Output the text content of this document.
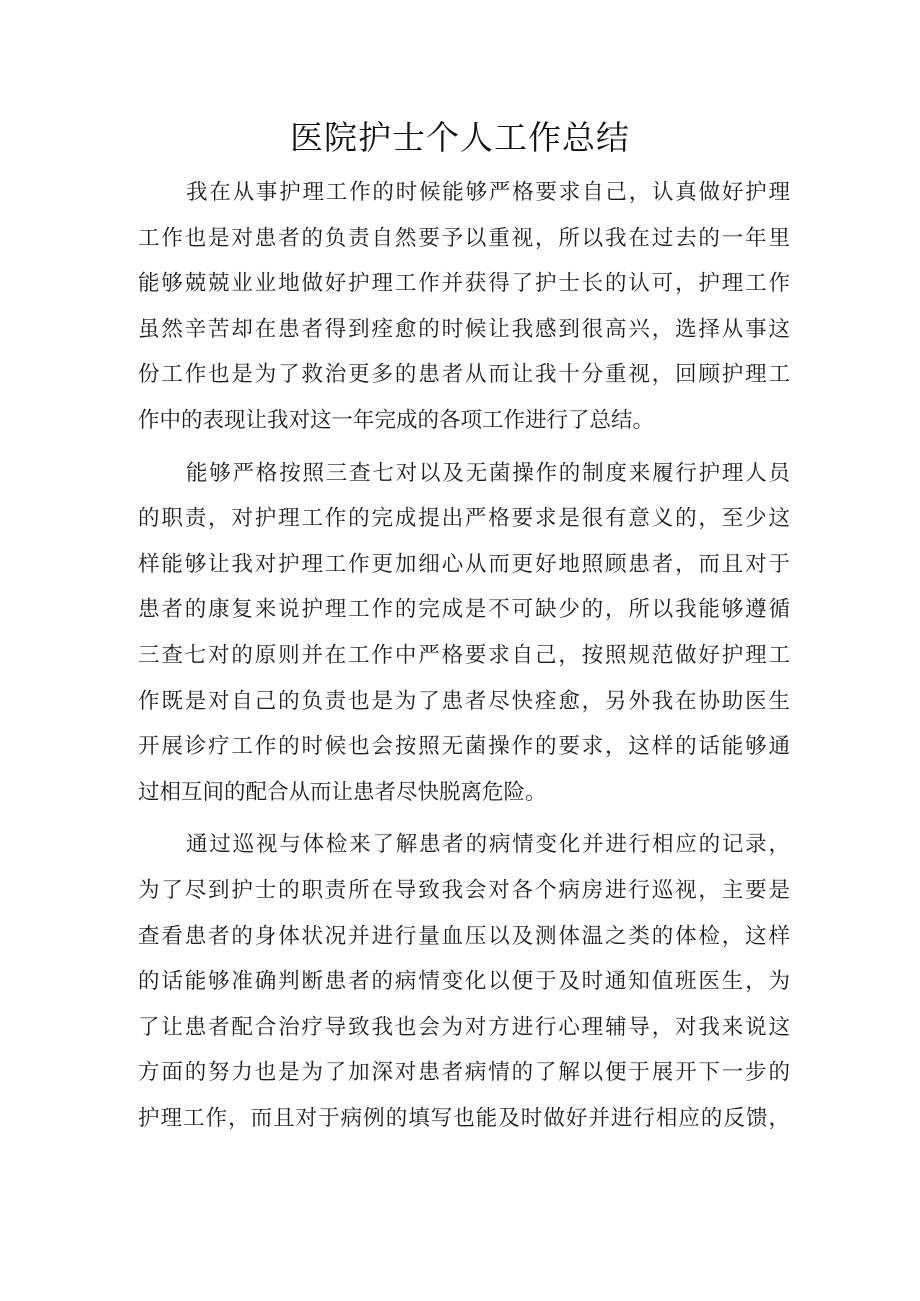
医院护士个人工作总结
我在从事护理工作的时候能够严格要求自己，认真做好护理
工作也是对患者的负责自然要予以重视，所以我在过去的一年里
能够兢兢业业地做好护理工作并获得了护士长的认可，护理工作
虽然辛苦却在患者得到痊愈的时候让我感到很高兴，选择从事这
份工作也是为了救治更多的患者从而让我十分重视，回顾护理工
作中的表现让我对这一年完成的各项工作进行了总结。
能够严格按照三查七对以及无菌操作的制度来履行护理人员
的职责，对护理工作的完成提出严格要求是很有意义的，至少这
样能够让我对护理工作更加细心从而更好地照顾患者，而且对于
患者的康复来说护理工作的完成是不可缺少的，所以我能够遵循
三查七对的原则并在工作中严格要求自己，按照规范做好护理工
作既是对自己的负责也是为了患者尽快痊愈，另外我在协助医生
开展诊疗工作的时候也会按照无菌操作的要求，这样的话能够通
过相互间的配合从而让患者尽快脱离危险。
通过巡视与体检来了解患者的病情变化并进行相应的记录，
为了尽到护士的职责所在导致我会对各个病房进行巡视，主要是
查看患者的身体状况并进行量血压以及测体温之类的体检，这样
的话能够准确判断患者的病情变化以便于及时通知值班医生，为
了让患者配合治疗导致我也会为对方进行心理辅导，对我来说这
方面的努力也是为了加深对患者病情的了解以便于展开下一步的
护理工作，而且对于病例的填写也能及时做好并进行相应的反馈，
